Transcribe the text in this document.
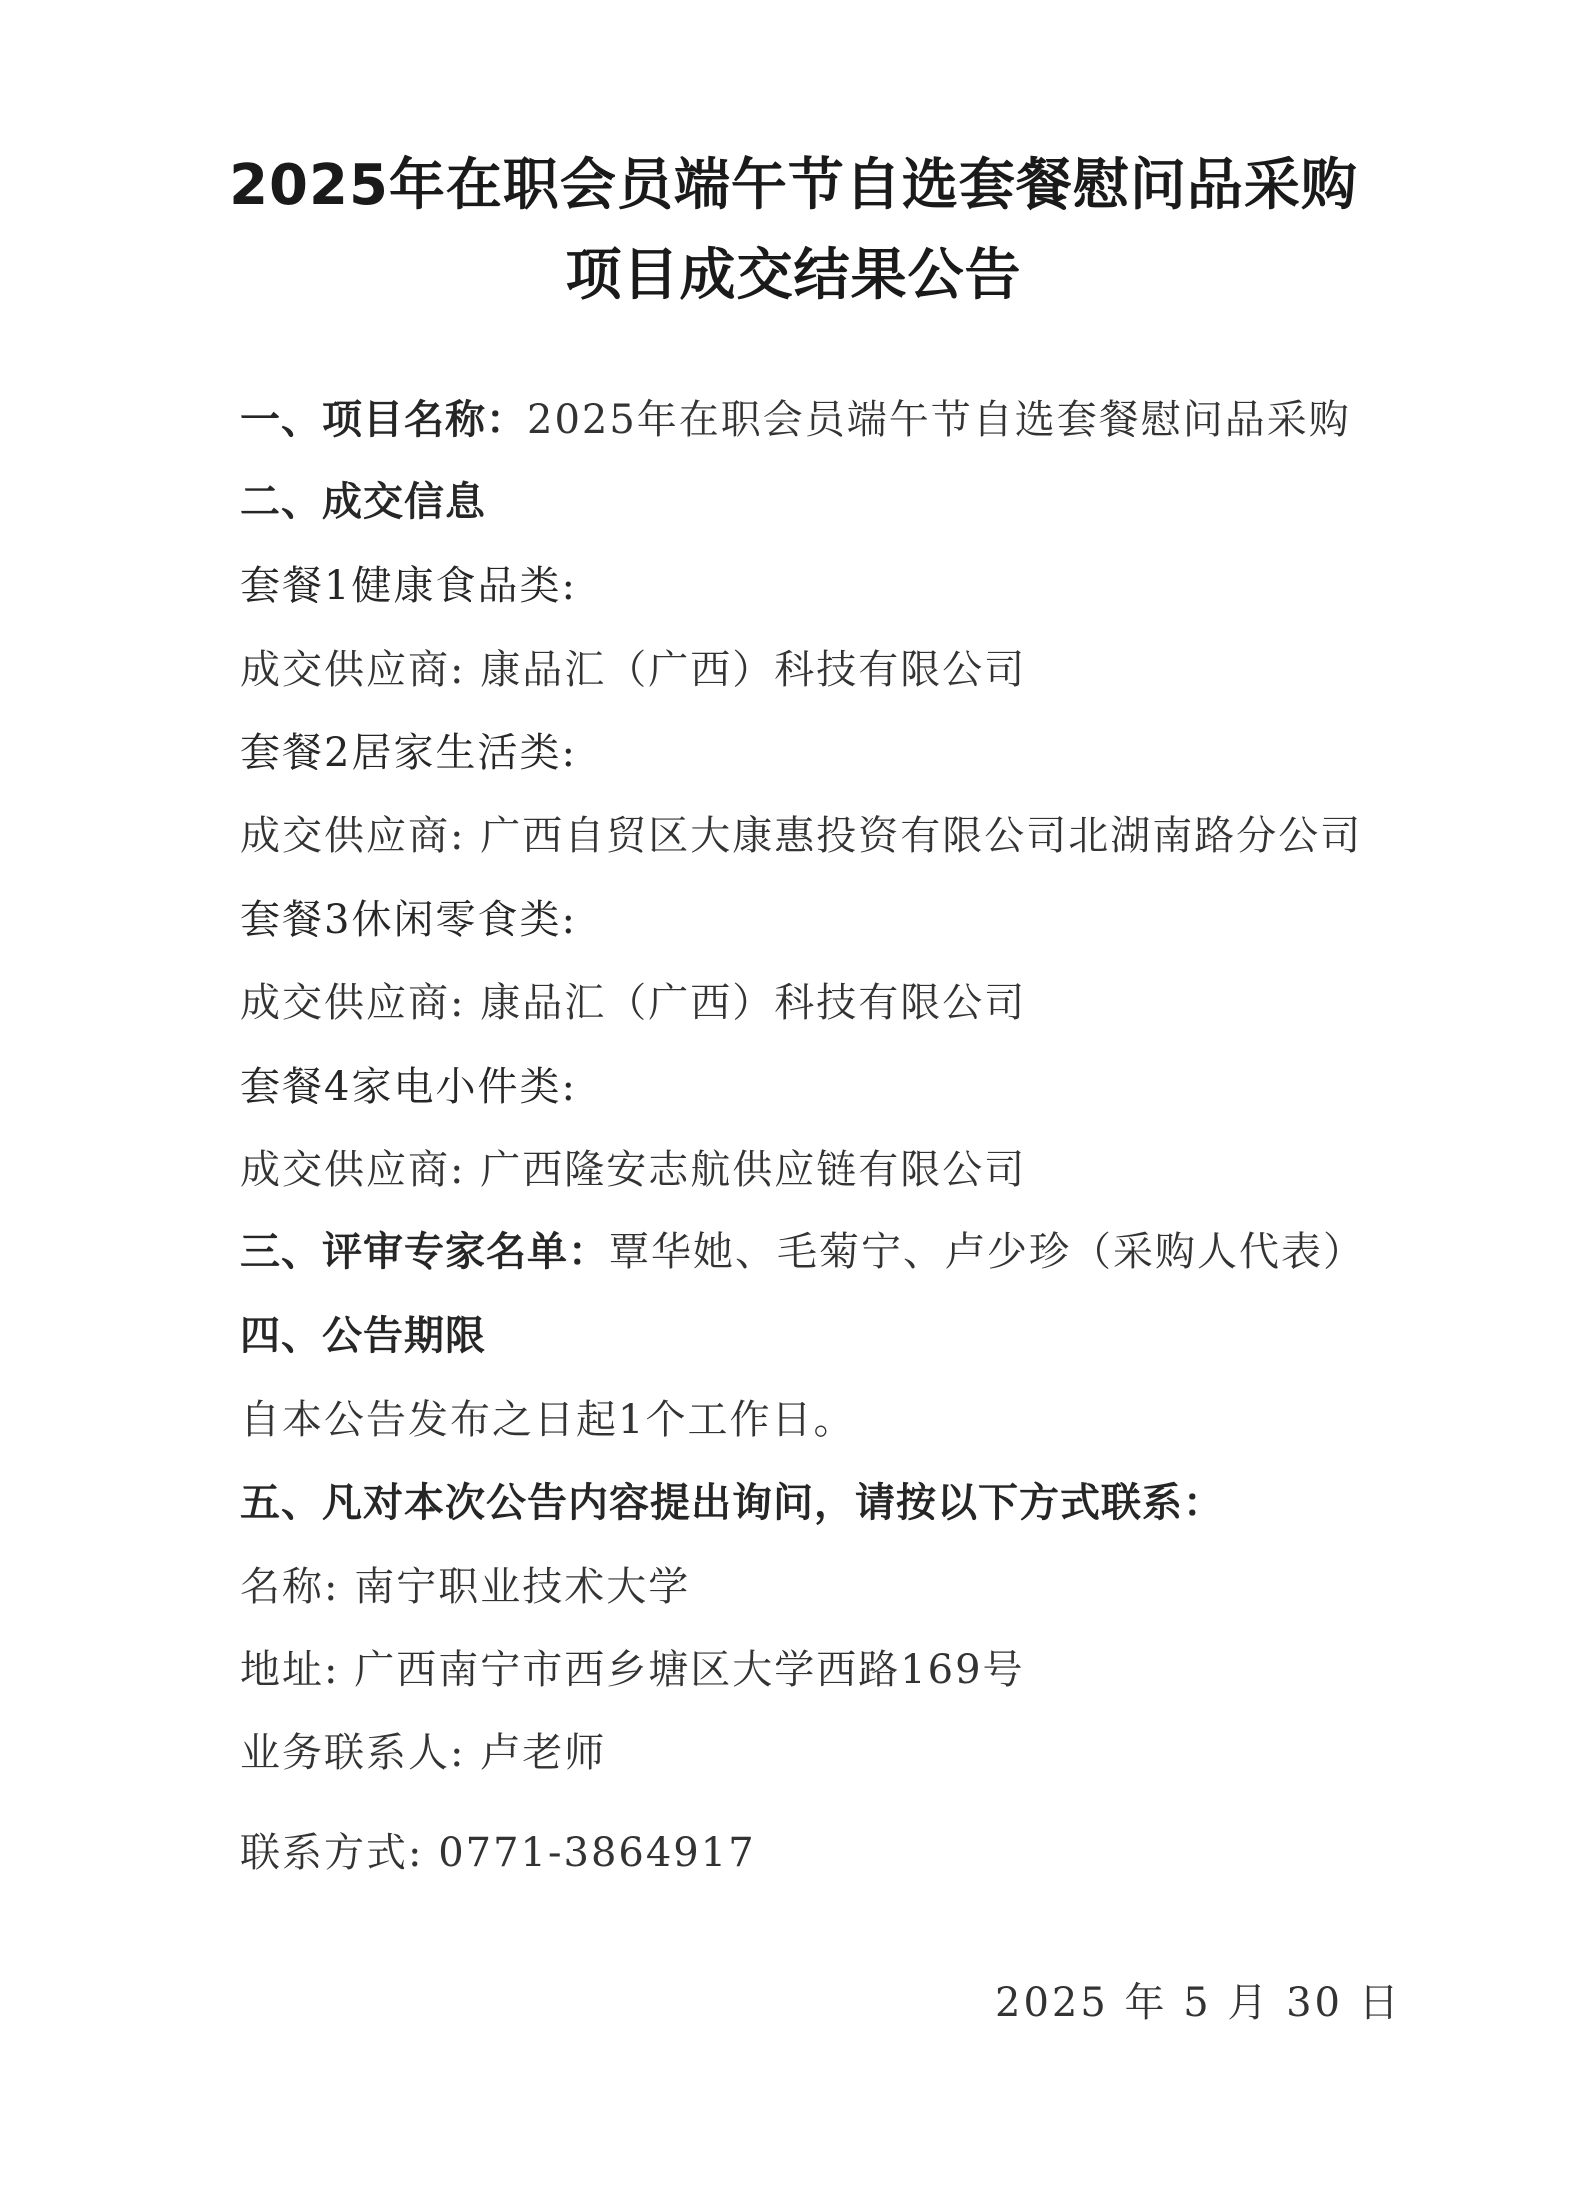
2025年在职会员端午节自选套餐慰问品采购
项目成交结果公告
一、项目名称：2025年在职会员端午节自选套餐慰问品采购
二、成交信息
套餐1健康食品类:
成交供应商: 康品汇（广西）科技有限公司
套餐2居家生活类:
成交供应商: 广西自贸区大康惠投资有限公司北湖南路分公司
套餐3休闲零食类:
成交供应商: 康品汇（广西）科技有限公司
套餐4家电小件类:
成交供应商: 广西隆安志航供应链有限公司
三、评审专家名单：覃华她、毛菊宁、卢少珍（采购人代表）
四、公告期限
自本公告发布之日起1个工作日。
五、凡对本次公告内容提出询问，请按以下方式联系：
名称: 南宁职业技术大学
地址: 广西南宁市西乡塘区大学西路169号
业务联系人: 卢老师
联系方式: 0771-3864917
2025 年 5 月 30 日
